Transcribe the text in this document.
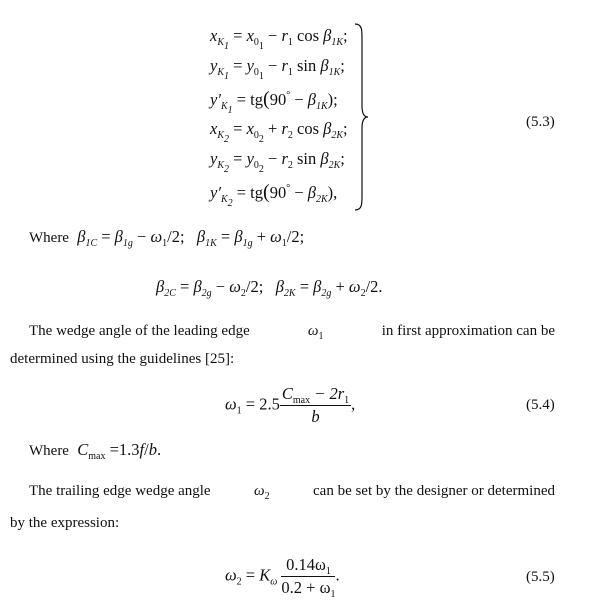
$x_{K_1} = x_{0_1} - r_1$ $\cos \beta_{1K}$;
$y_{K_1} = y_{0_1} - r_1$ $\sin \beta_{1K}$;
$y'_{K_1} = tg(90^\circ - \beta_{1K})$;
$x_{K_2} = x_{0_2} + r_2$ $\cos \beta_{2K}$;
$y_{K_2} = y_{0_2} - r_2$ $\sin \beta_{2K}$;
$y'_{K_2} = tg(90^\circ - \beta_{2K})$,
(5.3)
Where $\beta_{1C} = \beta_{1g} - \omega_1/2$; $\beta_{1K} = \beta_{1g} + \omega_1/2$;
$\beta_{2C} = \beta_{2g} - \omega_2/2$; $\beta_{2K} = \beta_{2g} + \omega_2/2$.
The wedge angle of the leading edge	$\omega_1$	in first approximation can be
determined using the guidelines [25]:
$\omega_1 = 2.5 \frac{C_{max} - 2r_1}{b}$ ,	(5.4)
Where $C_{max} =1.3f/b$.
The trailing edge wedge angle	$\omega_2$	can be set by the designer or determined
by the expression:
$\omega_2 = K_\omega \frac{0.14\omega_1}{0.2 + \omega_1}$ .	(5.5)
